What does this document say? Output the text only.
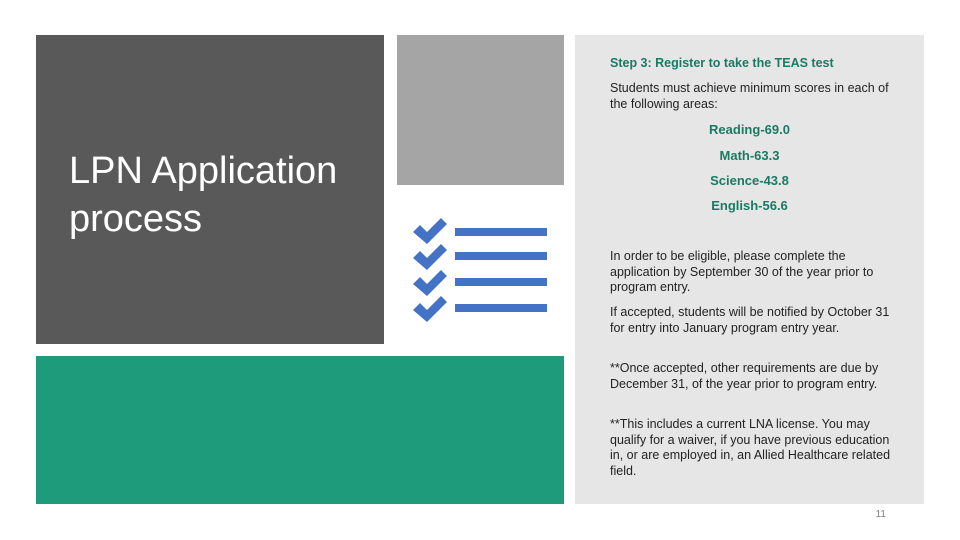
LPN Application process
Step 3: Register to take the TEAS test
Students must achieve minimum scores in each of the following areas:
Reading-69.0
Math-63.3
Science-43.8
English-56.6
In order to be eligible, please complete the application by September 30 of the year prior to program entry.
If accepted, students will be notified by October 31 for entry into January program entry year.
**Once accepted, other requirements are due by December 31, of the year prior to program entry.
**This includes a current LNA license. You may qualify for a waiver, if you have previous education in, or are employed in, an Allied Healthcare related field.
11
